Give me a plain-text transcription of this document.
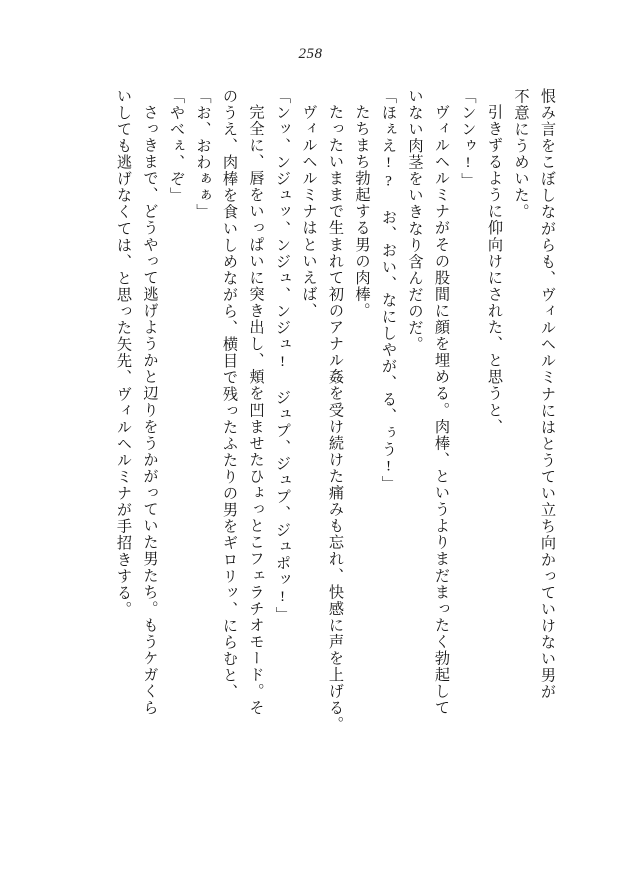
258
恨み言をこぼしながらも、ヴィルヘルミナにはとうてい立ち向かっていけない男が
不意にうめいた。
引きずるように仰向けにされた、と思うと、
「ンンゥ!」
ヴィルヘルミナがその股間に顔を埋める。肉棒、というよりまだまったく勃起して
いない肉茎をいきなり含んだのだ。
「ほぇえ!? お、おい、なにしやが、る、ぅう!」
たちまち勃起する男の肉棒。
たったいままで生まれて初のアナル姦を受け続けた痛みも忘れ、快感に声を上げる。
ヴィルヘルミナはといえば、
「ンッ、ンジュッ、ンジュ、ンジュ! ジュプ、ジュプ、ジュポッ!」
完全に、唇をいっぱいに突き出し、頬を凹ませたひょっとこフェラチオモード。そ
のうえ、肉棒を食いしめながら、横目で残ったふたりの男をギロリッ、にらむと、
「お、おわぁぁ」
「やべぇ、ぞ」
さっきまで、どうやって逃げようかと辺りをうかがっていた男たち。もうケガくら
いしても逃げなくては、と思った矢先、ヴィルヘルミナが手招きする。
